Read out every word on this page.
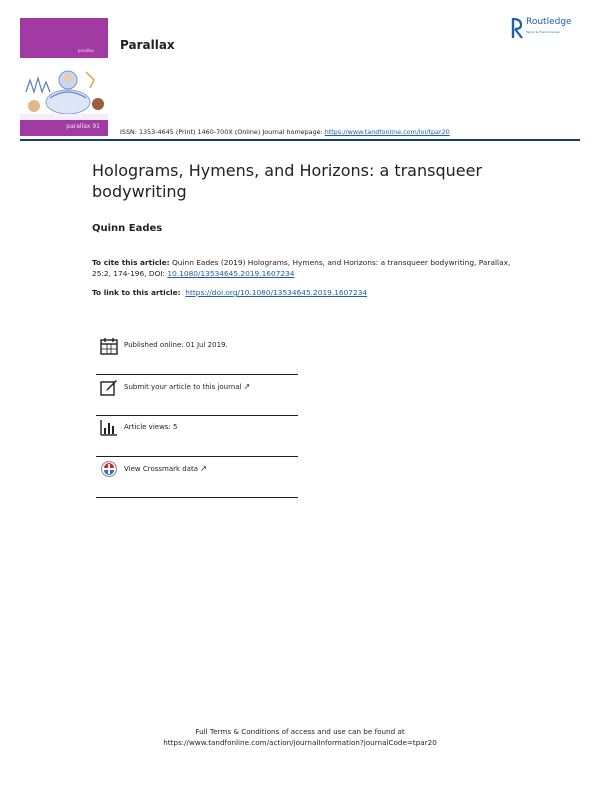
parallax
parallax 91
Parallax
Routledge
Taylor & Francis Group
ISSN: 1353-4645 (Print) 1460-700X (Online) Journal homepage: https://www.tandfonline.com/loi/tpar20
Holograms, Hymens, and Horizons: a transqueer bodywriting
Quinn Eades
To cite this article: Quinn Eades (2019) Holograms, Hymens, and Horizons: a transqueer bodywriting, Parallax, 25:2, 174-196, DOI: 10.1080/13534645.2019.1607234
To link to this article: https://doi.org/10.1080/13534645.2019.1607234
Published online: 01 Jul 2019.
Submit your article to this journal ↗
Article views: 5
View Crossmark data ↗
Full Terms & Conditions of access and use can be found at
https://www.tandfonline.com/action/journalInformation?journalCode=tpar20
